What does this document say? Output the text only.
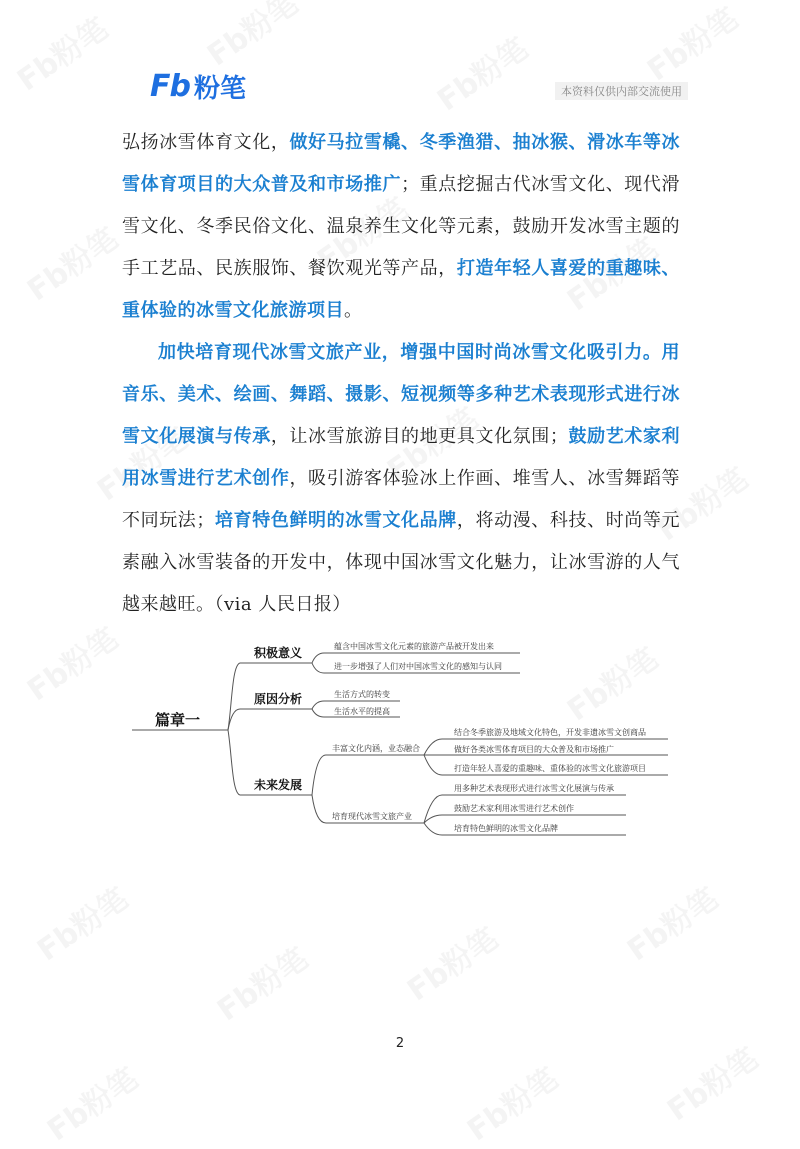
Fb 粉笔	本资料仅供内部交流使用

弘扬冰雪体育文化，做好马拉雪橇、冬季渔猎、抽冰猴、滑冰车等冰雪体育项目的大众普及和市场推广；重点挖掘古代冰雪文化、现代滑雪文化、冬季民俗文化、温泉养生文化等元素，鼓励开发冰雪主题的手工艺品、民族服饰、餐饮观光等产品，打造年轻人喜爱的重趣味、重体验的冰雪文化旅游项目。

加快培育现代冰雪文旅产业，增强中国时尚冰雪文化吸引力。用音乐、美术、绘画、舞蹈、摄影、短视频等多种艺术表现形式进行冰雪文化展演与传承，让冰雪旅游目的地更具文化氛围；鼓励艺术家利用冰雪进行艺术创作，吸引游客体验冰上作画、堆雪人、冰雪舞蹈等不同玩法；培育特色鲜明的冰雪文化品牌，将动漫、科技、时尚等元素融入冰雪装备的开发中，体现中国冰雪文化魅力，让冰雪游的人气越来越旺。（via 人民日报）

篇章一
积极意义
原因分析
未来发展
蕴含中国冰雪文化元素的旅游产品被开发出来
进一步增强了人们对中国冰雪文化的感知与认同
生活方式的转变
生活水平的提高
丰富文化内涵，业态融合
培育现代冰雪文旅产业
结合冬季旅游及地域文化特色，开发非遗冰雪文创商品
做好各类冰雪体育项目的大众普及和市场推广
打造年轻人喜爱的重趣味、重体验的冰雪文化旅游项目
用多种艺术表现形式进行冰雪文化展演与传承
鼓励艺术家利用冰雪进行艺术创作
培育特色鲜明的冰雪文化品牌
2
